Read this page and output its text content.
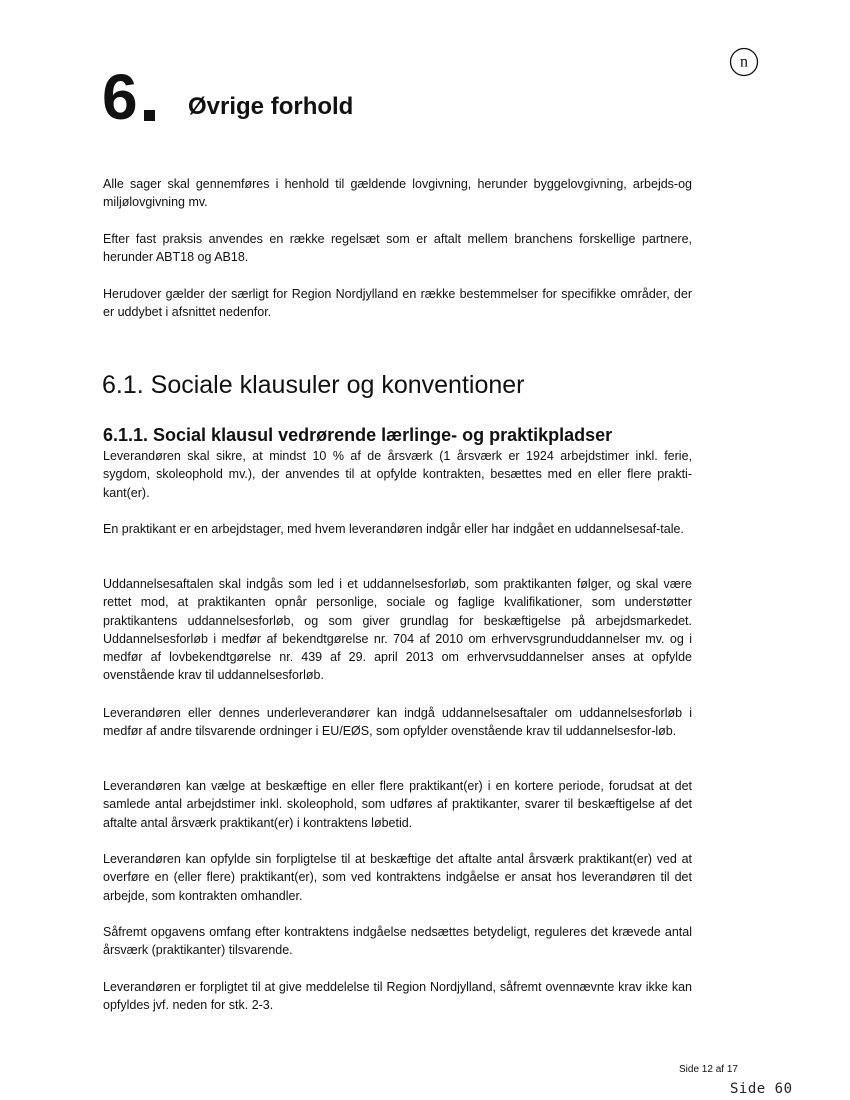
n
6 Øvrige forhold

Alle sager skal gennemføres i henhold til gældende lovgivning, herunder byggelovgivning, arbejds-og miljølovgivning mv.

Efter fast praksis anvendes en række regelsæt som er aftalt mellem branchens forskellige partnere, herunder ABT18 og AB18.

Herudover gælder der særligt for Region Nordjylland en række bestemmelser for specifikke områder, der er uddybet i afsnittet nedenfor.

6.1. Sociale klausuler og konventioner
6.1.1. Social klausul vedrørende lærlinge- og praktikpladser

Leverandøren skal sikre, at mindst 10 % af de årsværk (1 årsværk er 1924 arbejdstimer inkl. ferie, sygdom, skoleophold mv.), der anvendes til at opfylde kontrakten, besættes med en eller flere prakti-kant(er).

En praktikant er en arbejdstager, med hvem leverandøren indgår eller har indgået en uddannelsesaf-tale.

Uddannelsesaftalen skal indgås som led i et uddannelsesforløb, som praktikanten følger, og skal være rettet mod, at praktikanten opnår personlige, sociale og faglige kvalifikationer, som understøtter praktikantens uddannelsesforløb, og som giver grundlag for beskæftigelse på arbejdsmarkedet. Uddannelsesforløb i medfør af bekendtgørelse nr. 704 af 2010 om erhvervsgrunduddannelser mv. og i medfør af lovbekendtgørelse nr. 439 af 29. april 2013 om erhvervsuddannelser anses at opfylde ovenstående krav til uddannelsesforløb.

Leverandøren eller dennes underleverandører kan indgå uddannelsesaftaler om uddannelsesforløb i medfør af andre tilsvarende ordninger i EU/EØS, som opfylder ovenstående krav til uddannelsesfor-løb.

Leverandøren kan vælge at beskæftige en eller flere praktikant(er) i en kortere periode, forudsat at det samlede antal arbejdstimer inkl. skoleophold, som udføres af praktikanter, svarer til beskæftigelse af det aftalte antal årsværk praktikant(er) i kontraktens løbetid.

Leverandøren kan opfylde sin forpligtelse til at beskæftige det aftalte antal årsværk praktikant(er) ved at overføre en (eller flere) praktikant(er), som ved kontraktens indgåelse er ansat hos leverandøren til det arbejde, som kontrakten omhandler.

Såfremt opgavens omfang efter kontraktens indgåelse nedsættes betydeligt, reguleres det krævede antal årsværk (praktikanter) tilsvarende.

Leverandøren er forpligtet til at give meddelelse til Region Nordjylland, såfremt ovennævnte krav ikke kan opfyldes jvf. neden for stk. 2-3.

Side 12 af 17
Side 60
